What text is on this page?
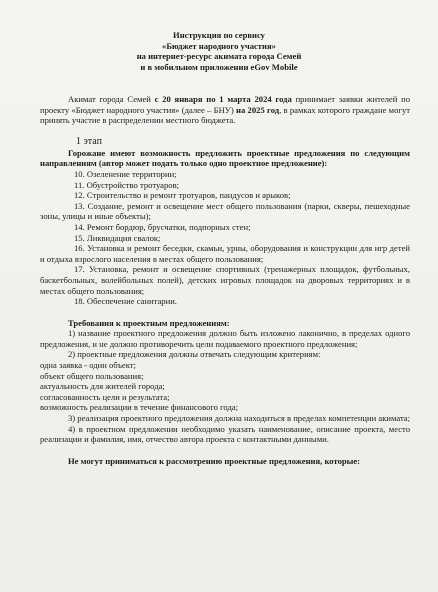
Инструкция по сервису
«Бюджет народного участия»
на интернет-ресурс акимата города Семей
и в мобильном приложении eGov Mobile

Акимат города Семей с 20 января по 1 марта 2024 года принимает заявки жителей по проекту «Бюджет народного участия» (далее – БНУ) на 2025 год, в рамках которого граждане могут принять участие в распределении местного бюджета.

1 этап

Горожане имеют возможность предложить проектные предложения по следующим направлениям (автор может подать только одно проектное предложение):

10. Озеленение территории;

11. Обустройство тротуаров;

12. Строительство и ремонт тротуаров, пандусов и арыков;

13. Создание, ремонт и освещение мест общего пользования (парки, скверы, пешеходные зоны, улицы и иные объекты);

14. Ремонт бордюр, брусчатки, подпорных стен;

15. Ликвидация свалок;

16. Установка и ремонт беседки, скамьи, урны, оборудования и конструкции для игр детей и отдыха взрослого населения в местах общего пользования;

17. Установка, ремонт и освещение спортивных (тренажерных площадок, футбольных, баскетбольных, волейбольных полей), детских игровых площадок на дворовых территориях и в местах общего пользования;

18. Обеспечение санитарии.

Требования к проектным предложениям:

1) название проектного предложения должно быть изложено лаконично, в пределах одного предложения, и не должно противоречить цели подаваемого проектного предложения;

2) проектные предложения должны отвечать следующим критериям:

одна заявка - один объект;

объект общего пользования;

актуальность для жителей города;

согласованность цели и результата;

возможность реализации в течение финансового года;

3) реализация проектного предложения должна находиться в пределах компетенции акимата;

4) в проектном предложении необходимо указать наименование, описание проекта, место реализации и фамилия, имя, отчество автора проекта с контактными данными.

Не могут приниматься к рассмотрению проектные предложения, которые:
